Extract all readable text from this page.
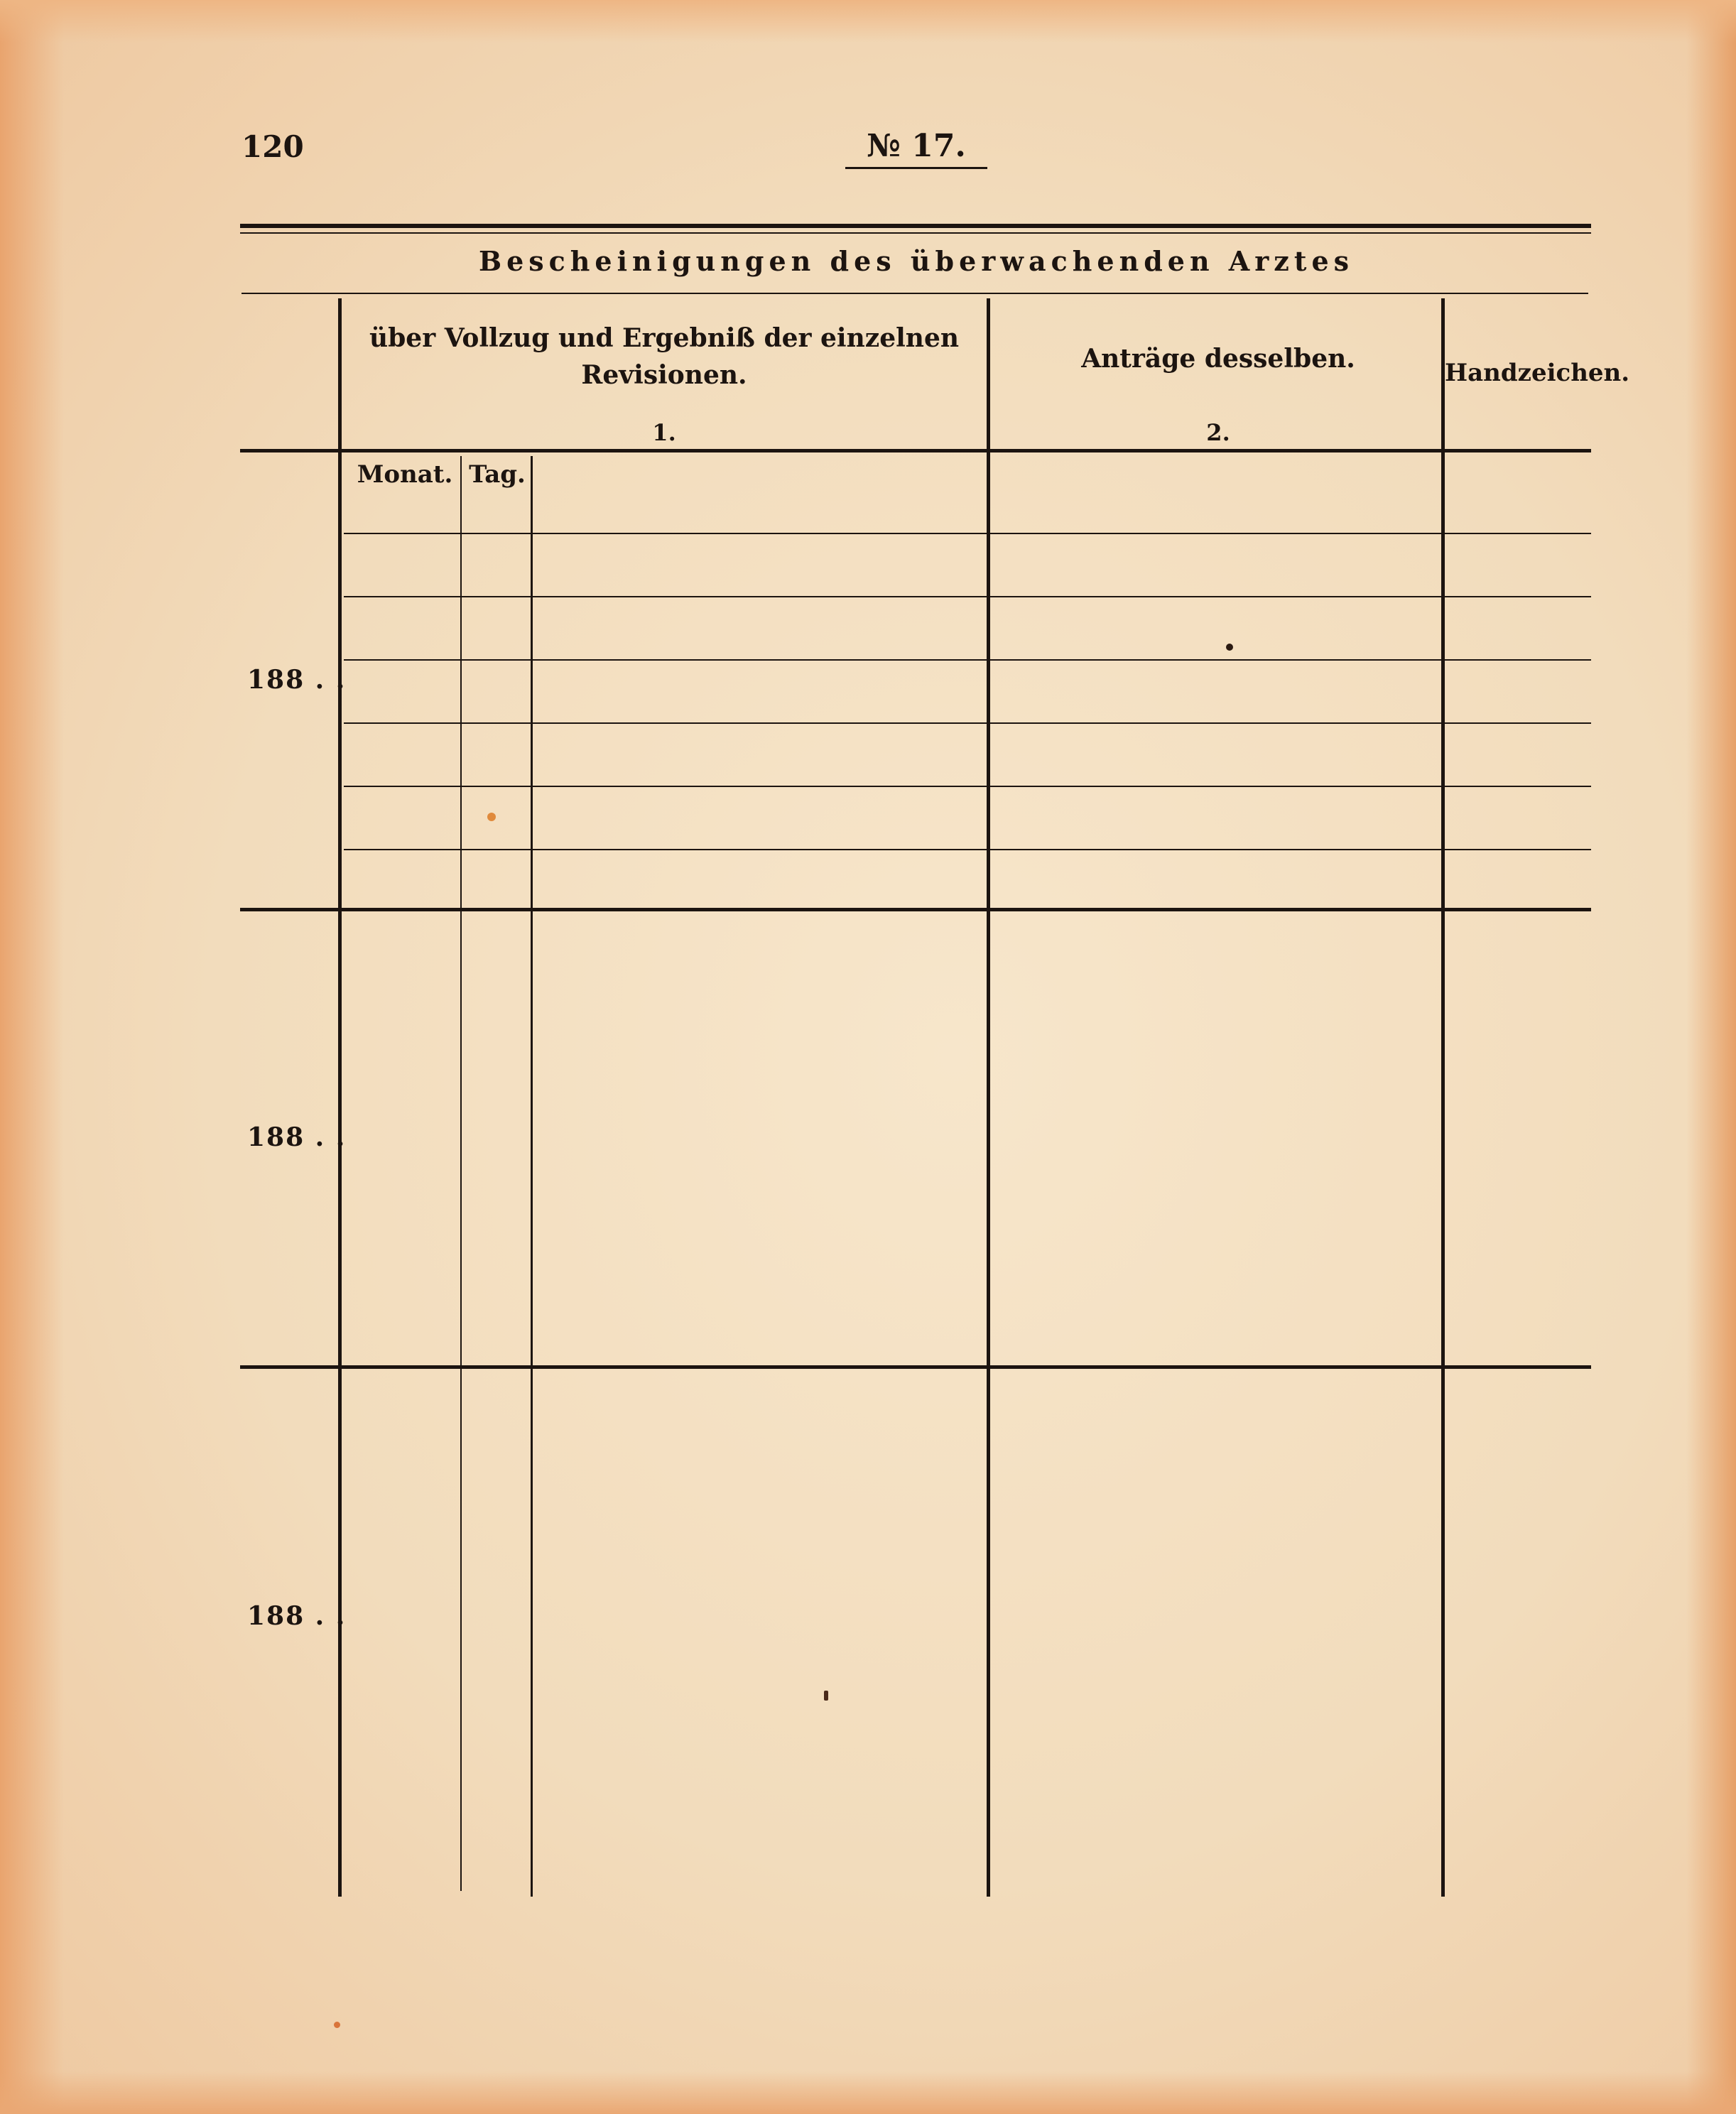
120	№ 17.
Bescheinigungen des überwachenden Arztes
über Vollzug und Ergebniß der einzelnen Revisionen.
1.
Anträge desselben.
2.
Handzeichen.
Monat. Tag.
188 . .
188 . .
188 . .
